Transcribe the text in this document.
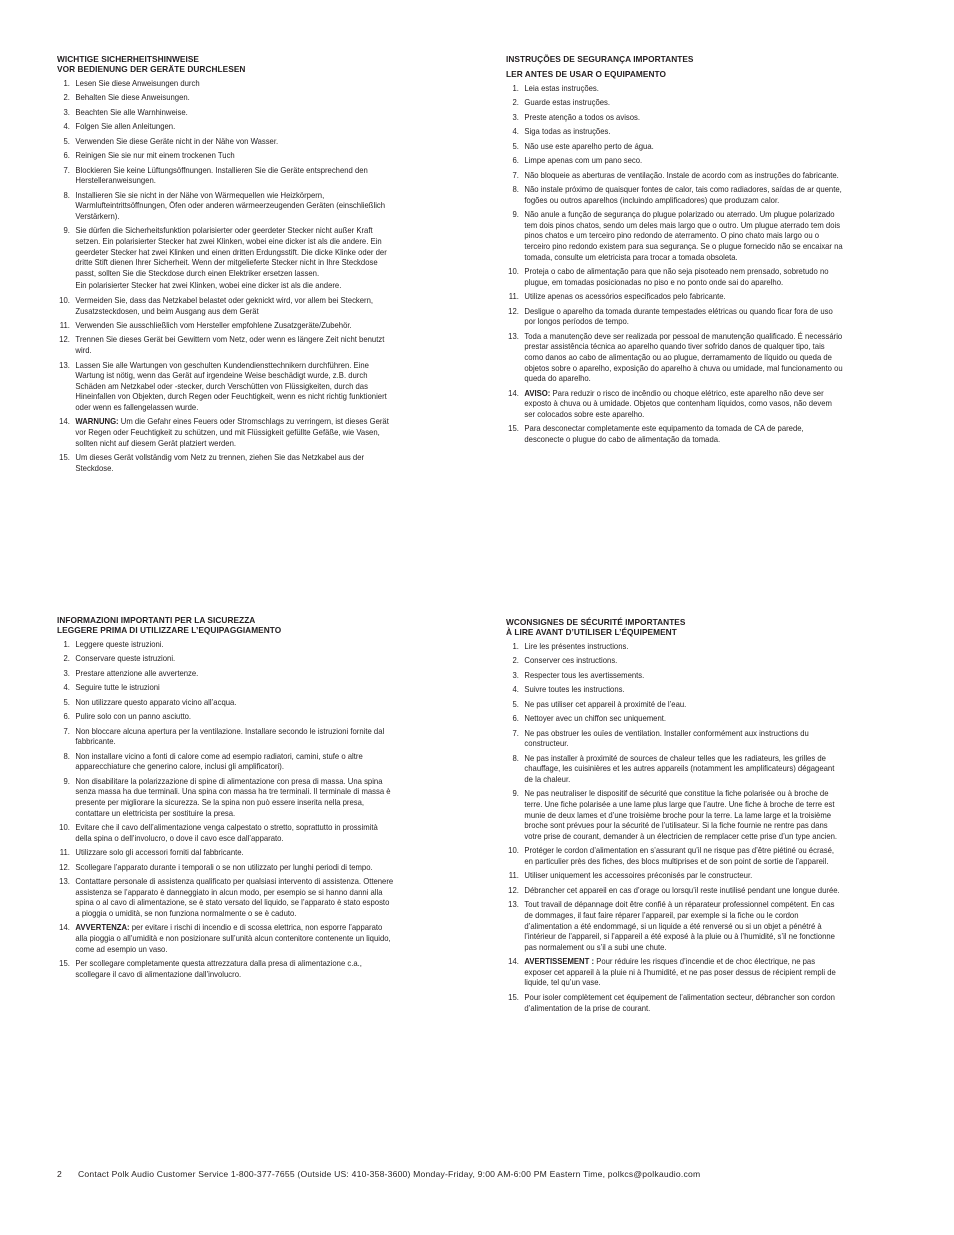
WICHTIGE SICHERHEITSHINWEISE
VOR BEDIENUNG DER GERÄTE DURCHLESEN
1. Lesen Sie diese Anweisungen durch
2. Behalten Sie diese Anweisungen.
3. Beachten Sie alle Warnhinweise.
4. Folgen Sie allen Anleitungen.
5. Verwenden Sie diese Geräte nicht in der Nähe von Wasser.
6. Reinigen Sie sie nur mit einem trockenen Tuch
7. Blockieren Sie keine Lüftungsöffnungen. Installieren Sie die Geräte entsprechend den Herstelleranweisungen.
8. Installieren Sie sie nicht in der Nähe von Wärmequellen wie Heizkörpern, Warmlufteintrittsöffnungen, Öfen oder anderen wärmeerzeugenden Geräten (einschließlich Verstärkern).
9. Sie dürfen die Sicherheitsfunktion polarisierter oder geerdeter Stecker nicht außer Kraft setzen. Ein polarisierter Stecker hat zwei Klinken, wobei eine dicker ist als die andere. Ein geerdeter Stecker hat zwei Klinken und einen dritten Erdungsstift. Die dicke Klinke oder der dritte Stift dienen Ihrer Sicherheit. Wenn der mitgelieferte Stecker nicht in Ihre Steckdose passt, sollten Sie die Steckdose durch einen Elektriker ersetzen lassen.
Ein polarisierter Stecker hat zwei Klinken, wobei eine dicker ist als die andere.
10. Vermeiden Sie, dass das Netzkabel belastet oder geknickt wird, vor allem bei Steckern, Zusatzsteckdosen, und beim Ausgang aus dem Gerät
11. Verwenden Sie ausschließlich vom Hersteller empfohlene Zusatzgeräte/Zubehör.
12. Trennen Sie dieses Gerät bei Gewittern vom Netz, oder wenn es längere Zeit nicht benutzt wird.
13. Lassen Sie alle Wartungen von geschulten Kundendiensttechnikern durchführen. Eine Wartung ist nötig, wenn das Gerät auf irgendeine Weise beschädigt wurde, z.B. durch Schäden am Netzkabel oder -stecker, durch Verschütten von Flüssigkeiten, durch das Hineinfallen von Objekten, durch Regen oder Feuchtigkeit, wenn es nicht richtig funktioniert oder wenn es fallengelassen wurde.
14. WARNUNG: Um die Gefahr eines Feuers oder Stromschlags zu verringern, ist dieses Gerät vor Regen oder Feuchtigkeit zu schützen, und mit Flüssigkeit gefüllte Gefäße, wie Vasen, sollten nicht auf diesem Gerät platziert werden.
15. Um dieses Gerät vollständig vom Netz zu trennen, ziehen Sie das Netzkabel aus der Steckdose.
INSTRUÇÕES DE SEGURANÇA IMPORTANTES
LER ANTES DE USAR O EQUIPAMENTO
1. Leia estas instruções.
2. Guarde estas instruções.
3. Preste atenção a todos os avisos.
4. Siga todas as instruções.
5. Não use este aparelho perto de água.
6. Limpe apenas com um pano seco.
7. Não bloqueie as aberturas de ventilação. Instale de acordo com as instruções do fabricante.
8. Não instale próximo de quaisquer fontes de calor, tais como radiadores, saídas de ar quente, fogões ou outros aparelhos (incluindo amplificadores) que produzam calor.
9. Não anule a função de segurança do plugue polarizado ou aterrado. Um plugue polarizado tem dois pinos chatos, sendo um deles mais largo que o outro. Um plugue aterrado tem dois pinos chatos e um terceiro pino redondo de aterramento. O pino chato mais largo ou o terceiro pino redondo existem para sua segurança. Se o plugue fornecido não se encaixar na tomada, consulte um eletricista para trocar a tomada obsoleta.
10. Proteja o cabo de alimentação para que não seja pisoteado nem prensado, sobretudo no plugue, em tomadas posicionadas no piso e no ponto onde sai do aparelho.
11. Utilize apenas os acessórios especificados pelo fabricante.
12. Desligue o aparelho da tomada durante tempestades elétricas ou quando ficar fora de uso por longos períodos de tempo.
13. Toda a manutenção deve ser realizada por pessoal de manutenção qualificado. É necessário prestar assistência técnica ao aparelho quando tiver sofrido danos de qualquer tipo, tais como danos ao cabo de alimentação ou ao plugue, derramamento de líquido ou queda de objetos sobre o aparelho, exposição do aparelho à chuva ou umidade, mal funcionamento ou queda do aparelho.
14. AVISO: Para reduzir o risco de incêndio ou choque elétrico, este aparelho não deve ser exposto à chuva ou à umidade. Objetos que contenham líquidos, como vasos, não devem ser colocados sobre este aparelho.
15. Para desconectar completamente este equipamento da tomada de CA de parede, desconecte o plugue do cabo de alimentação da tomada.
INFORMAZIONI IMPORTANTI PER LA SICUREZZA
LEGGERE PRIMA DI UTILIZZARE L’EQUIPAGGIAMENTO
1. Leggere queste istruzioni.
2. Conservare queste istruzioni.
3. Prestare attenzione alle avvertenze.
4. Seguire tutte le istruzioni
5. Non utilizzare questo apparato vicino all’acqua.
6. Pulire solo con un panno asciutto.
7. Non bloccare alcuna apertura per la ventilazione. Installare secondo le istruzioni fornite dal fabbricante.
8. Non installare vicino a fonti di calore come ad esempio radiatori, camini, stufe o altre apparecchiature che generino calore, inclusi gli amplificatori).
9. Non disabilitare la polarizzazione di spine di alimentazione con presa di massa. Una spina senza massa ha due terminali. Una spina con massa ha tre terminali. Il terminale di massa è presente per migliorare la sicurezza. Se la spina non può essere inserita nella presa, contattare un elettricista per sostituire la presa.
10. Evitare che il cavo dell’alimentazione venga calpestato o stretto, soprattutto in prossimità della spina o dell’involucro, o dove il cavo esce dall’apparato.
11. Utilizzare solo gli accessori forniti dal fabbricante.
12. Scollegare l’apparato durante i temporali o se non utilizzato per lunghi periodi di tempo.
13. Contattare personale di assistenza qualificato per qualsiasi intervento di assistenza. Ottenere assistenza se l’apparato è danneggiato in alcun modo, per esempio se si hanno danni alla spina o al cavo di alimentazione, se è stato versato del liquido, se l’apparato è stato esposto a pioggia o umidità, se non funziona normalmente o se è caduto.
14. AVVERTENZA: per evitare i rischi di incendio e di scossa elettrica, non esporre l’apparato alla pioggia o all’umidità e non posizionare sull’unità alcun contenitore contenente un liquido, come ad esempio un vaso.
15. Per scollegare completamente questa attrezzatura dalla presa di alimentazione c.a., scollegare il cavo di alimentazione dall’involucro.
WCONSIGNES DE SÉCURITÉ IMPORTANTES
À LIRE AVANT D’UTILISER L’ÉQUIPEMENT
1. Lire les présentes instructions.
2. Conserver ces instructions.
3. Respecter tous les avertissements.
4. Suivre toutes les instructions.
5. Ne pas utiliser cet appareil à proximité de l’eau.
6. Nettoyer avec un chiffon sec uniquement.
7. Ne pas obstruer les ouïes de ventilation. Installer conformément aux instructions du constructeur.
8. Ne pas installer à proximité de sources de chaleur telles que les radiateurs, les grilles de chauffage, les cuisinières et les autres appareils (notamment les amplificateurs) dégageant de la chaleur.
9. Ne pas neutraliser le dispositif de sécurité que constitue la fiche polarisée ou à broche de terre. Une fiche polarisée a une lame plus large que l’autre. Une fiche à broche de terre est munie de deux lames et d’une troisième broche pour la terre. La lame large et la troisième broche sont prévues pour la sécurité de l’utilisateur. Si la fiche fournie ne rentre pas dans votre prise de courant, demander à un électricien de remplacer cette prise d’un type ancien.
10. Protéger le cordon d’alimentation en s’assurant qu’il ne risque pas d’être piétiné ou écrasé, en particulier près des fiches, des blocs multiprises et de son point de sortie de l’appareil.
11. Utiliser uniquement les accessoires préconisés par le constructeur.
12. Débrancher cet appareil en cas d’orage ou lorsqu’il reste inutilisé pendant une longue durée.
13. Tout travail de dépannage doit être confié à un réparateur professionnel compétent. En cas de dommages, il faut faire réparer l’appareil, par exemple si la fiche ou le cordon d’alimentation a été endommagé, si un liquide a été renversé ou si un objet a pénétré à l’intérieur de l’appareil, si l’appareil a été exposé à la pluie ou à l’humidité, s’il ne fonctionne pas normalement ou s’il a subi une chute.
14. AVERTISSEMENT : Pour réduire les risques d’incendie et de choc électrique, ne pas exposer cet appareil à la pluie ni à l’humidité, et ne pas poser dessus de récipient rempli de liquide, tel qu’un vase.
15. Pour isoler complètement cet équipement de l’alimentation secteur, débrancher son cordon d’alimentation de la prise de courant.
2 Contact Polk Audio Customer Service 1-800-377-7655 (Outside US: 410-358-3600) Monday-Friday, 9:00 AM-6:00 PM Eastern Time, polkcs@polkaudio.com
